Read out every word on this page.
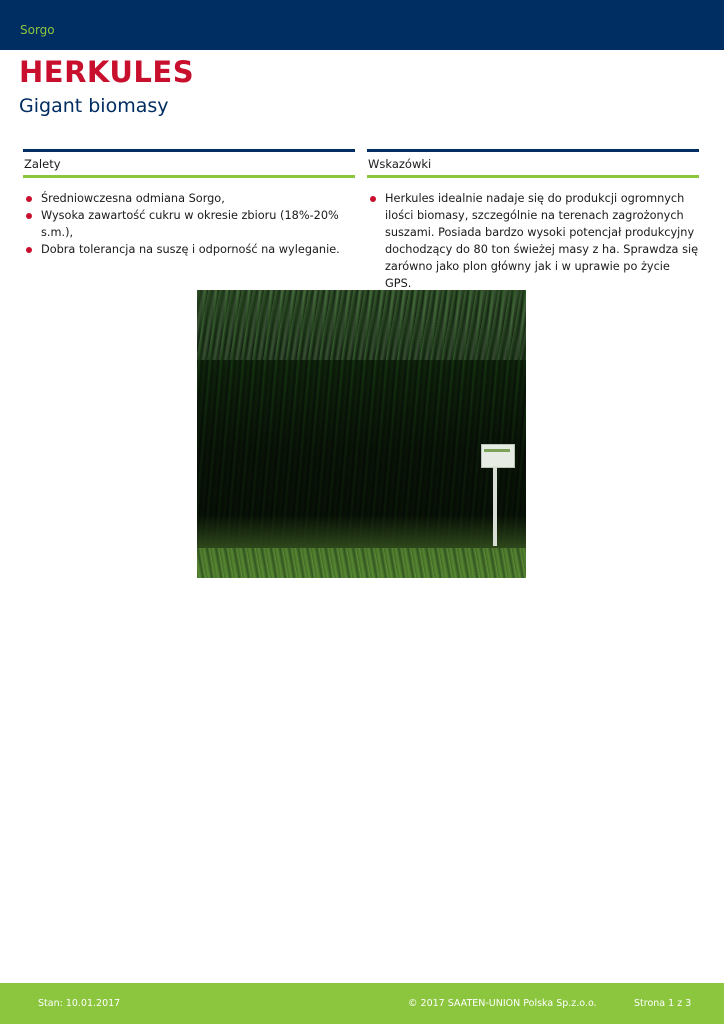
Sorgo
HERKULES
Gigant biomasy
Zalety
Średniowczesna odmiana Sorgo,
Wysoka zawartość cukru w okresie zbioru (18%-20% s.m.),
Dobra tolerancja na suszę i odporność na wyleganie.
Wskazówki
Herkules idealnie nadaje się do produkcji ogromnych ilości biomasy, szczególnie na terenach zagrożonych suszami. Posiada bardzo wysoki potencjał produkcyjny dochodzący do 80 ton świeżej masy z ha. Sprawdza się zarówno jako plon główny jak i w uprawie po życie GPS.
Stan: 10.01.2017	© 2017 SAATEN-UNION Polska Sp.z.o.o.	Strona 1 z 3
